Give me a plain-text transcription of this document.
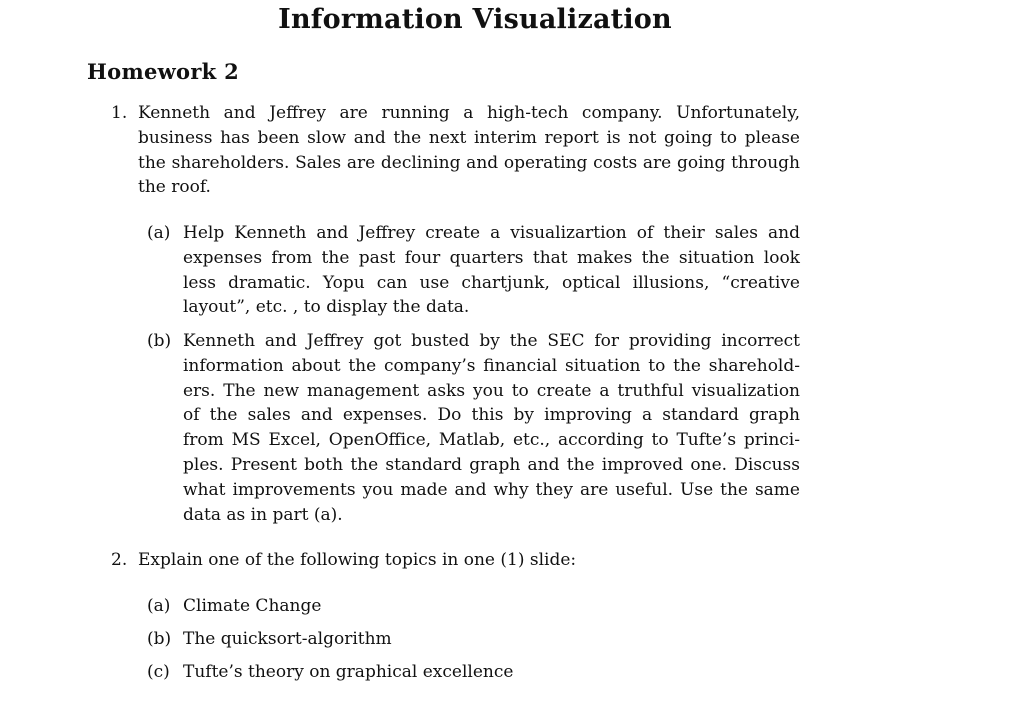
Information Visualization
Homework 2
1. Kenneth and Jeffrey are running a high-tech company. Unfortunately,
business has been slow and the next interim report is not going to please
the shareholders. Sales are declining and operating costs are going through
the roof.
(a) Help Kenneth and Jeffrey create a visualizartion of their sales and
expenses from the past four quarters that makes the situation look
less dramatic. Yopu can use chartjunk, optical illusions, “creative
layout”, etc. , to display the data.
(b) Kenneth and Jeffrey got busted by the SEC for providing incorrect
information about the company’s financial situation to the sharehold-
ers. The new management asks you to create a truthful visualization
of the sales and expenses. Do this by improving a standard graph
from MS Excel, OpenOffice, Matlab, etc., according to Tufte’s princi-
ples. Present both the standard graph and the improved one. Discuss
what improvements you made and why they are useful. Use the same
data as in part (a).
2. Explain one of the following topics in one (1) slide:
(a) Climate Change
(b) The quicksort-algorithm
(c) Tufte’s theory on graphical excellence
